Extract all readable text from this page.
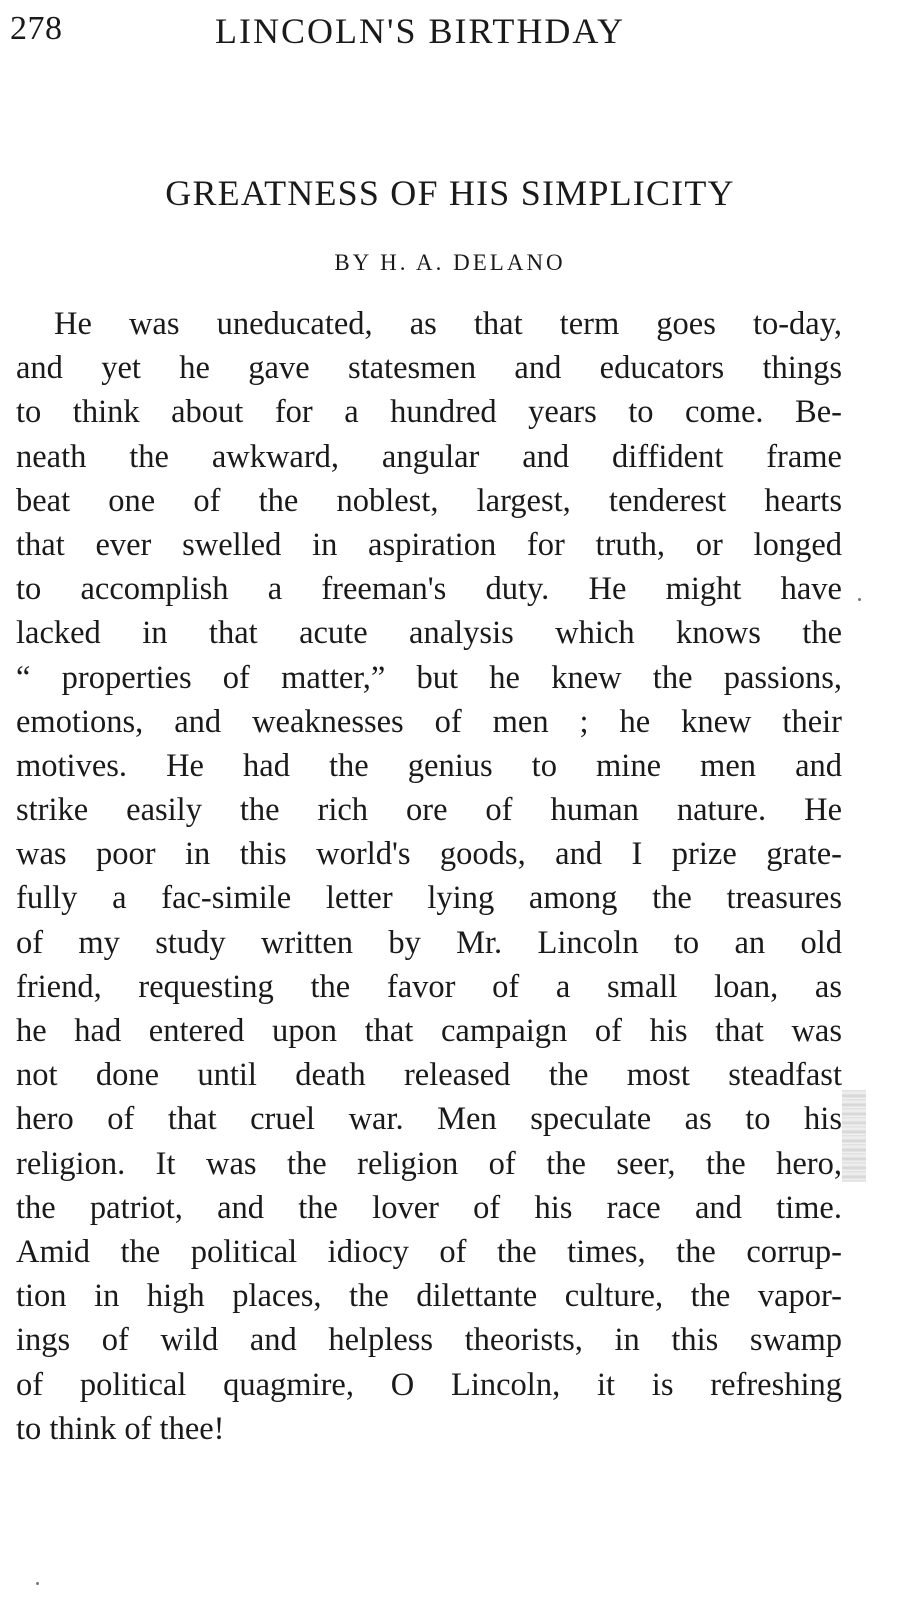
278	LINCOLN'S BIRTHDAY
GREATNESS OF HIS SIMPLICITY
BY H. A. DELANO
He was uneducated, as that term goes to-day,
and yet he gave statesmen and educators things
to think about for a hundred years to come. Be-
neath the awkward, angular and diffident frame
beat one of the noblest, largest, tenderest hearts
that ever swelled in aspiration for truth, or longed
to accomplish a freeman's duty. He might have
lacked in that acute analysis which knows the
“ properties of matter,” but he knew the passions,
emotions, and weaknesses of men ; he knew their
motives. He had the genius to mine men and
strike easily the rich ore of human nature. He
was poor in this world's goods, and I prize grate-
fully a fac-simile letter lying among the treasures
of my study written by Mr. Lincoln to an old
friend, requesting the favor of a small loan, as
he had entered upon that campaign of his that was
not done until death released the most steadfast
hero of that cruel war. Men speculate as to his
religion. It was the religion of the seer, the hero,
the patriot, and the lover of his race and time.
Amid the political idiocy of the times, the corrup-
tion in high places, the dilettante culture, the vapor-
ings of wild and helpless theorists, in this swamp
of political quagmire, O Lincoln, it is refreshing
to think of thee!
